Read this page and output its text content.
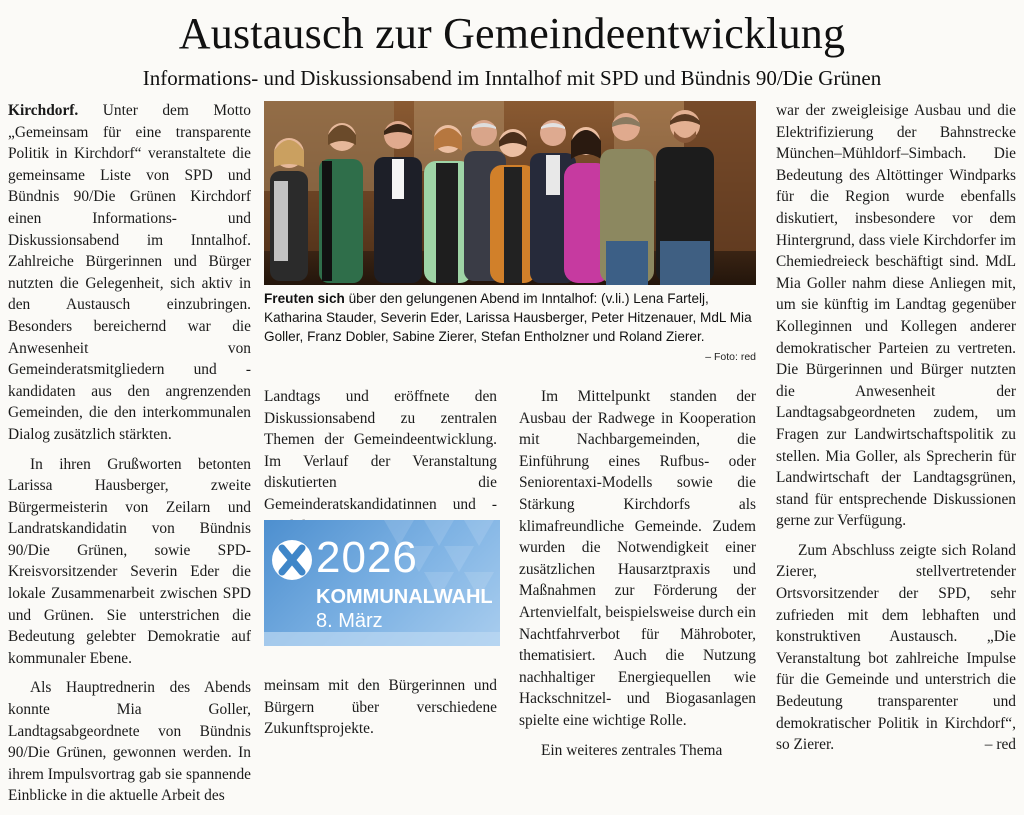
Austausch zur Gemeindeentwicklung
Informations- und Diskussionsabend im Inntalhof mit SPD und Bündnis 90/Die Grünen

Kirchdorf. Unter dem Motto „Gemeinsam für eine transparente Politik in Kirchdorf“ veranstaltete die gemeinsame Liste von SPD und Bündnis 90/Die Grünen Kirchdorf einen Informations- und Diskussionsabend im Inntalhof. Zahlreiche Bürgerinnen und Bürger nutzten die Gelegenheit, sich aktiv in den Austausch einzubringen. Besonders bereichernd war die Anwesenheit von Gemeinderatsmitgliedern und -kandidaten aus den angrenzenden Gemeinden, die den interkommunalen Dialog zusätzlich stärkten.

In ihren Grußworten betonten Larissa Hausberger, zweite Bürgermeisterin von Zeilarn und Landratskandidatin von Bündnis 90/Die Grünen, sowie SPD-Kreisvorsitzender Severin Eder die lokale Zusammenarbeit zwischen SPD und Grünen. Sie unterstrichen die Bedeutung gelebter Demokratie auf kommunaler Ebene.

Als Hauptrednerin des Abends konnte Mia Goller, Landtagsabgeordnete von Bündnis 90/Die Grünen, gewonnen werden. In ihrem Impulsvortrag gab sie spannende Einblicke in die aktuelle Arbeit des

Freuten sich über den gelungenen Abend im Inntalhof: (v.li.) Lena Fartelj, Katharina Stauder, Severin Eder, Larissa Hausberger, Peter Hitzenauer, MdL Mia Goller, Franz Dobler, Sabine Zierer, Stefan Entholzner und Roland Zierer.
– Foto: red

Landtags und eröffnete den Diskussionsabend zu zentralen Themen der Gemeindeentwicklung. Im Verlauf der Veranstaltung diskutierten die Gemeinderatskandidatinnen und -

2026
KOMMUNALWAHL
8. März

meinsam mit den Bürgerinnen und Bürgern über verschiedene Zukunftsprojekte.

Im Mittelpunkt standen der Ausbau der Radwege in Kooperation mit Nachbargemeinden, die Einführung eines Rufbus- oder Seniorentaxi-Modells sowie die Stärkung Kirchdorfs als klimafreundliche Gemeinde. Zudem wurden die Notwendigkeit einer zusätzlichen Hausarztpraxis und Maßnahmen zur Förderung der Artenvielfalt, beispielsweise durch ein Nachtfahrverbot für Mähroboter, thematisiert. Auch die Nutzung nachhaltiger Energiequellen wie Hackschnitzel- und Biogasanlagen spielte eine wichtige Rolle.

Ein weiteres zentrales Thema

war der zweigleisige Ausbau und die Elektrifizierung der Bahnstrecke München–Mühldorf–Simbach. Die Bedeutung des Altöttinger Windparks für die Region wurde ebenfalls diskutiert, insbesondere vor dem Hintergrund, dass viele Kirchdorfer im Chemiedreieck beschäftigt sind. MdL Mia Goller nahm diese Anliegen mit, um sie künftig im Landtag gegenüber Kolleginnen und Kollegen anderer demokratischer Parteien zu vertreten. Die Bürgerinnen und Bürger nutzten die Anwesenheit der Landtagsabgeordneten zudem, um Fragen zur Landwirtschaftspolitik zu stellen. Mia Goller, als Sprecherin für Landwirtschaft der Landtagsgrünen, stand für entsprechende Diskussionen gerne zur Verfügung.

Zum Abschluss zeigte sich Roland Zierer, stellvertretender Ortsvorsitzender der SPD, sehr zufrieden mit dem lebhaften und konstruktiven Austausch. „Die Veranstaltung bot zahlreiche Impulse für die Gemeinde und unterstrich die Bedeutung transparenter und demokratischer Politik in Kirchdorf“, so Zierer.	– red
